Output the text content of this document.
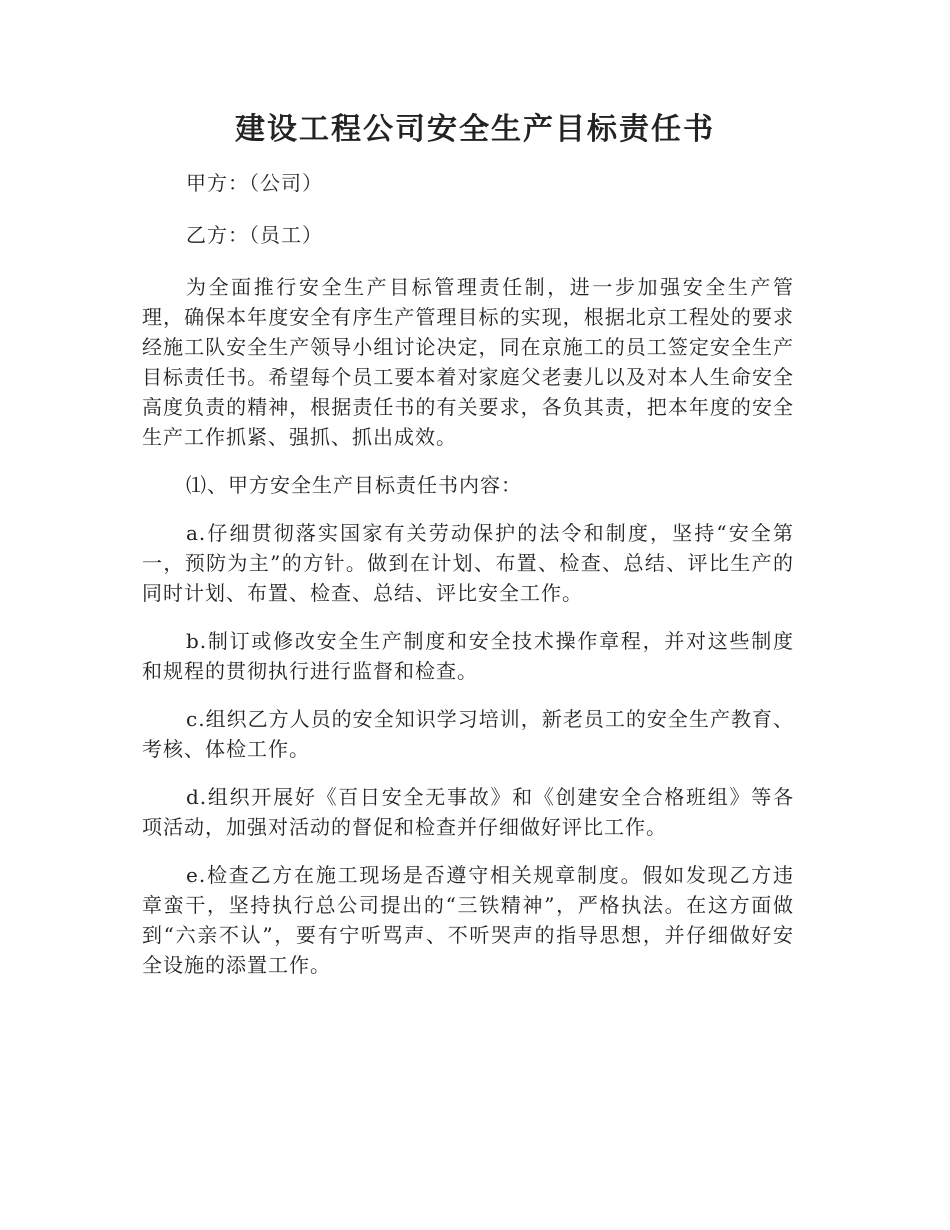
建设工程公司安全生产目标责任书

甲方：（公司）

乙方：（员工）

为全面推行安全生产目标管理责任制，进一步加强安全生产管理，确保本年度安全有序生产管理目标的实现，根据北京工程处的要求经施工队安全生产领导小组讨论决定，同在京施工的员工签定安全生产目标责任书。希望每个员工要本着对家庭父老妻儿以及对本人生命安全高度负责的精神，根据责任书的有关要求，各负其责，把本年度的安全生产工作抓紧、强抓、抓出成效。

⑴、甲方安全生产目标责任书内容：

a.仔细贯彻落实国家有关劳动保护的法令和制度，坚持“安全第一，预防为主”的方针。做到在计划、布置、检查、总结、评比生产的同时计划、布置、检查、总结、评比安全工作。

b.制订或修改安全生产制度和安全技术操作章程，并对这些制度和规程的贯彻执行进行监督和检查。

c.组织乙方人员的安全知识学习培训，新老员工的安全生产教育、考核、体检工作。

d.组织开展好《百日安全无事故》和《创建安全合格班组》等各项活动，加强对活动的督促和检查并仔细做好评比工作。

e.检查乙方在施工现场是否遵守相关规章制度。假如发现乙方违章蛮干，坚持执行总公司提出的“三铁精神”，严格执法。在这方面做到“六亲不认”，要有宁听骂声、不听哭声的指导思想，并仔细做好安全设施的添置工作。
